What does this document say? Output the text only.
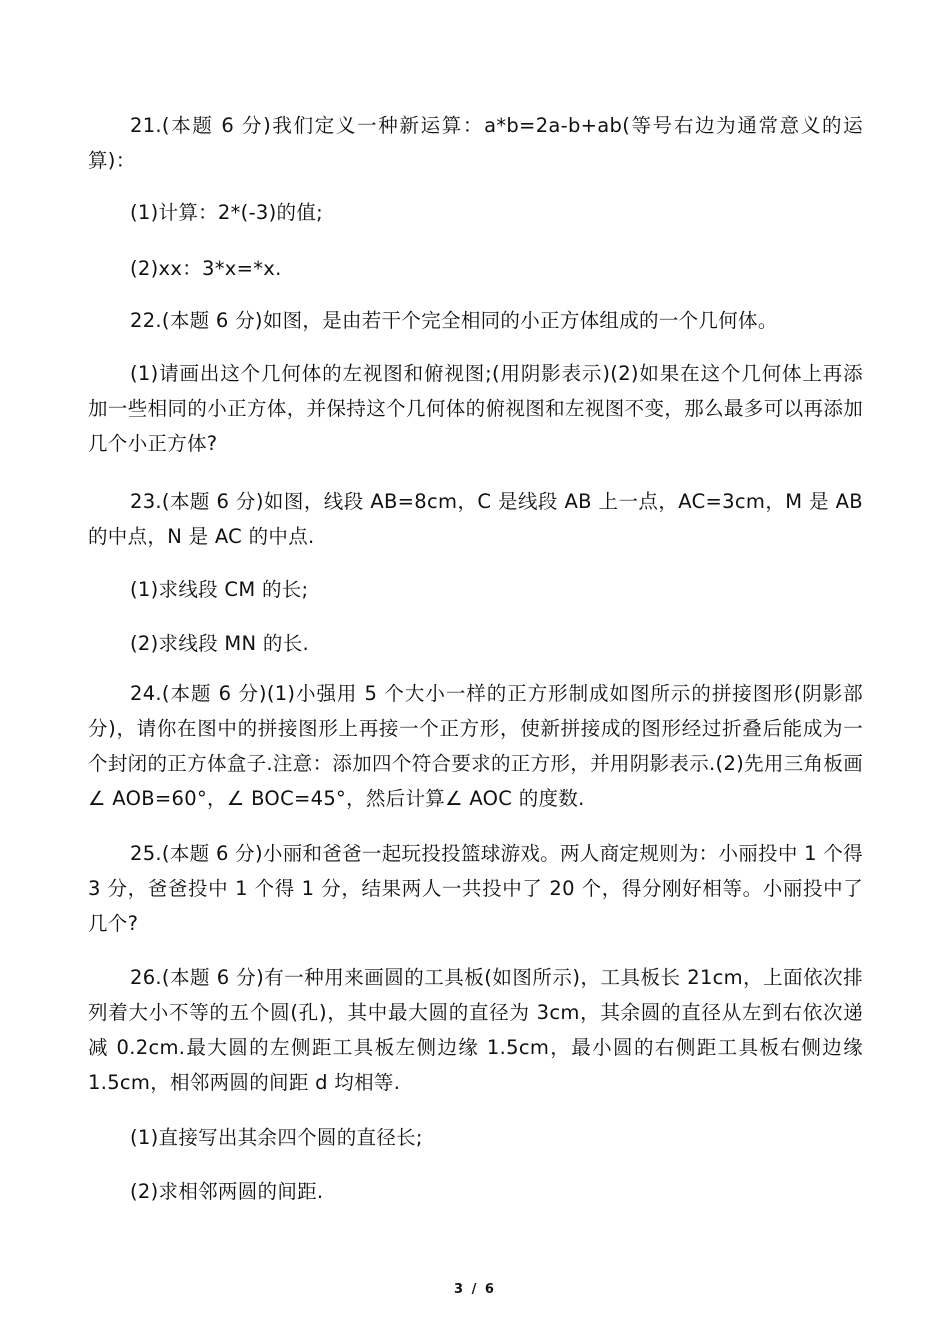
21.(本题 6 分)我们定义一种新运算：a*b=2a-b+ab(等号右边为通常意义的运算)：

(1)计算：2*(-3)的值;

(2)xx：3*x=*x.

22.(本题 6 分)如图，是由若干个完全相同的小正方体组成的一个几何体。

(1)请画出这个几何体的左视图和俯视图;(用阴影表示)(2)如果在这个几何体上再添加一些相同的小正方体，并保持这个几何体的俯视图和左视图不变，那么最多可以再添加几个小正方体?

23.(本题 6 分)如图，线段 AB=8cm，C 是线段 AB 上一点，AC=3cm，M 是 AB 的中点，N 是 AC 的中点.

(1)求线段 CM 的长;

(2)求线段 MN 的长.

24.(本题 6 分)(1)小强用 5 个大小一样的正方形制成如图所示的拼接图形(阴影部分)，请你在图中的拼接图形上再接一个正方形，使新拼接成的图形经过折叠后能成为一个封闭的正方体盒子.注意：添加四个符合要求的正方形，并用阴影表示.(2)先用三角板画∠ AOB=60°，∠ BOC=45°，然后计算∠ AOC 的度数.

25.(本题 6 分)小丽和爸爸一起玩投投篮球游戏。两人商定规则为：小丽投中 1 个得 3 分，爸爸投中 1 个得 1 分，结果两人一共投中了 20 个，得分刚好相等。小丽投中了几个?

26.(本题 6 分)有一种用来画圆的工具板(如图所示)，工具板长 21cm，上面依次排列着大小不等的五个圆(孔)，其中最大圆的直径为 3cm，其余圆的直径从左到右依次递减 0.2cm.最大圆的左侧距工具板左侧边缘 1.5cm，最小圆的右侧距工具板右侧边缘 1.5cm，相邻两圆的间距 d 均相等.

(1)直接写出其余四个圆的直径长;

(2)求相邻两圆的间距.

3 / 6
